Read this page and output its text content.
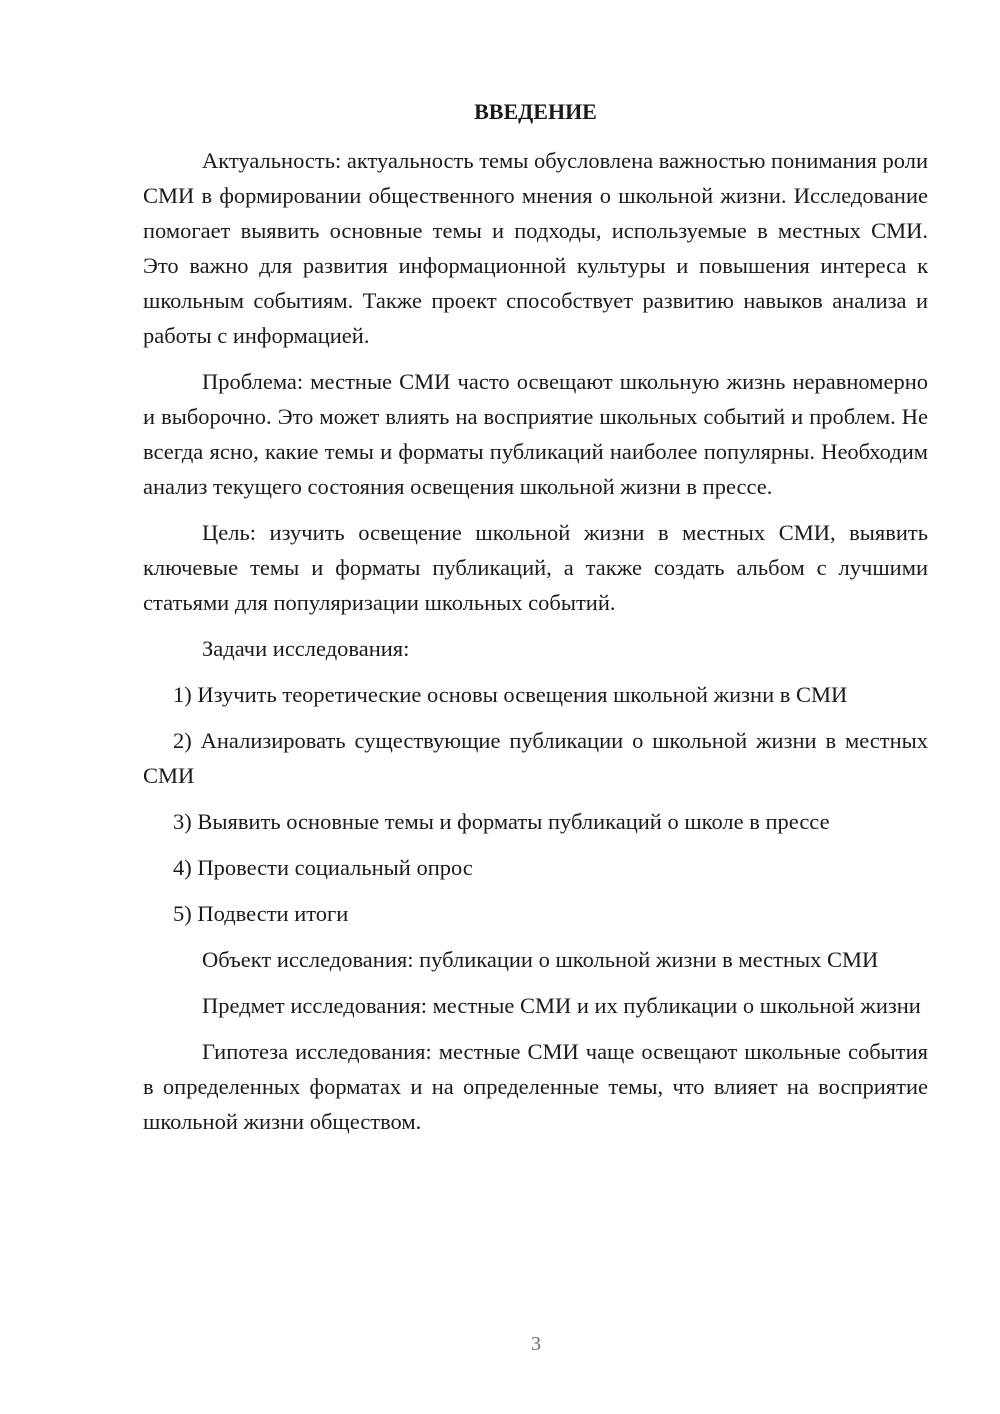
ВВЕДЕНИЕ

Актуальность: актуальность темы обусловлена важностью понимания роли СМИ в формировании общественного мнения о школьной жизни. Исследование помогает выявить основные темы и подходы, используемые в местных СМИ. Это важно для развития информационной культуры и повышения интереса к школьным событиям. Также проект способствует развитию навыков анализа и работы с информацией.

Проблема: местные СМИ часто освещают школьную жизнь неравномерно и выборочно. Это может влиять на восприятие школьных событий и проблем. Не всегда ясно, какие темы и форматы публикаций наиболее популярны. Необходим анализ текущего состояния освещения школьной жизни в прессе.

Цель: изучить освещение школьной жизни в местных СМИ, выявить ключевые темы и форматы публикаций, а также создать альбом с лучшими статьями для популяризации школьных событий.

Задачи исследования:

1) Изучить теоретические основы освещения школьной жизни в СМИ

2) Анализировать существующие публикации о школьной жизни в местных СМИ

3) Выявить основные темы и форматы публикаций о школе в прессе

4) Провести социальный опрос

5) Подвести итоги

Объект исследования: публикации о школьной жизни в местных СМИ

Предмет исследования: местные СМИ и их публикации о школьной жизни

Гипотеза исследования: местные СМИ чаще освещают школьные события в определенных форматах и на определенные темы, что влияет на восприятие школьной жизни обществом.

3
